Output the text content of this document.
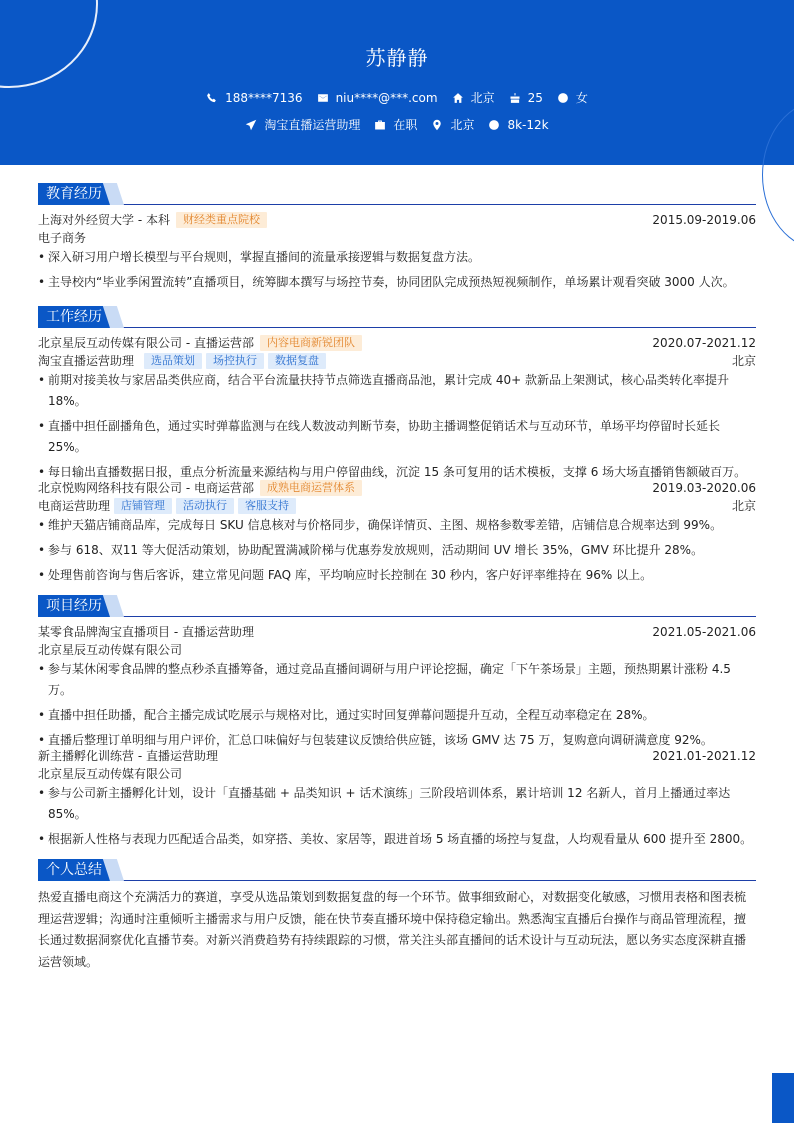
苏静静
188****7136	niu****@***.com	北京	25	女
淘宝直播运营助理	在职	北京	8k-12k
教育经历
上海对外经贸大学 - 本科	财经类重点院校	2015.09-2019.06
电子商务
• 深入研习用户增长模型与平台规则，掌握直播间的流量承接逻辑与数据复盘方法。
• 主导校内“毕业季闲置流转”直播项目，统筹脚本撰写与场控节奏，协同团队完成预热短视频制作，单场累计观看突破 3000 人次。
工作经历
北京星辰互动传媒有限公司 - 直播运营部	内容电商新锐团队	2020.07-2021.12
淘宝直播运营助理	选品策划	场控执行	数据复盘	北京
• 前期对接美妆与家居品类供应商，结合平台流量扶持节点筛选直播商品池，累计完成 40+ 款新品上架测试，核心品类转化率提升 18%。
• 直播中担任副播角色，通过实时弹幕监测与在线人数波动判断节奏，协助主播调整促销话术与互动环节，单场平均停留时长延长 25%。
• 每日输出直播数据日报，重点分析流量来源结构与用户停留曲线，沉淀 15 条可复用的话术模板，支撑 6 场大场直播销售额破百万。
北京悦购网络科技有限公司 - 电商运营部	成熟电商运营体系	2019.03-2020.06
电商运营助理	店铺管理	活动执行	客服支持	北京
• 维护天猫店铺商品库，完成每日 SKU 信息核对与价格同步，确保详情页、主图、规格参数零差错，店铺信息合规率达到 99%。
• 参与 618、双11 等大促活动策划，协助配置满减阶梯与优惠券发放规则，活动期间 UV 增长 35%，GMV 环比提升 28%。
• 处理售前咨询与售后客诉，建立常见问题 FAQ 库，平均响应时长控制在 30 秒内，客户好评率维持在 96% 以上。
项目经历
某零食品牌淘宝直播项目 - 直播运营助理	2021.05-2021.06
北京星辰互动传媒有限公司
• 参与某休闲零食品牌的整点秒杀直播筹备，通过竞品直播间调研与用户评论挖掘，确定「下午茶场景」主题，预热期累计涨粉 4.5 万。
• 直播中担任助播，配合主播完成试吃展示与规格对比，通过实时回复弹幕问题提升互动，全程互动率稳定在 28%。
• 直播后整理订单明细与用户评价，汇总口味偏好与包装建议反馈给供应链，该场 GMV 达 75 万，复购意向调研满意度 92%。
新主播孵化训练营 - 直播运营助理	2021.01-2021.12
北京星辰互动传媒有限公司
• 参与公司新主播孵化计划，设计「直播基础 + 品类知识 + 话术演练」三阶段培训体系，累计培训 12 名新人，首月上播通过率达 85%。
• 根据新人性格与表现力匹配适合品类，如穿搭、美妆、家居等，跟进首场 5 场直播的场控与复盘，人均观看量从 600 提升至 2800。
个人总结
热爱直播电商这个充满活力的赛道，享受从选品策划到数据复盘的每一个环节。做事细致耐心，对数据变化敏感，习惯用表格和图表梳理运营逻辑；沟通时注重倾听主播需求与用户反馈，能在快节奏直播环境中保持稳定输出。熟悉淘宝直播后台操作与商品管理流程，擅长通过数据洞察优化直播节奏。对新兴消费趋势有持续跟踪的习惯，常关注头部直播间的话术设计与互动玩法，愿以务实态度深耕直播运营领域。
